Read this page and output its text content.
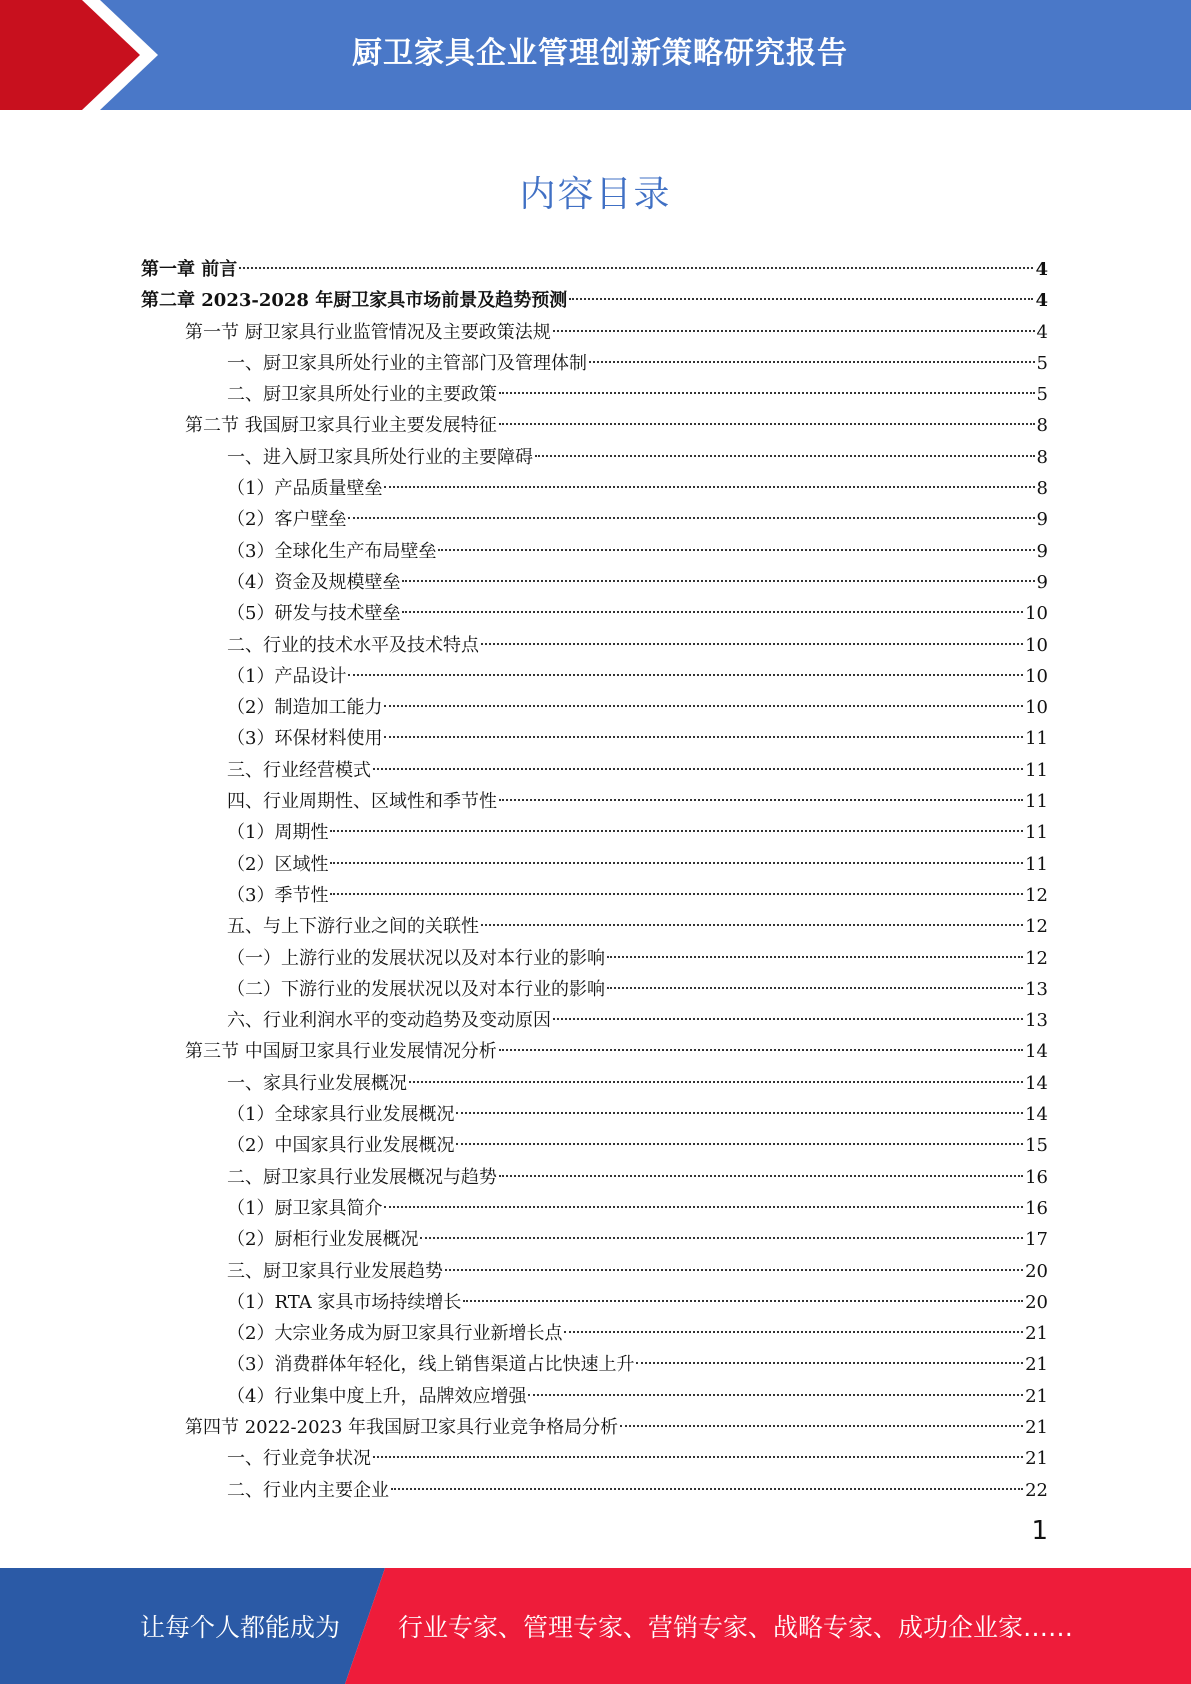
厨卫家具企业管理创新策略研究报告
内容目录
第一章 前言	4
第二章 2023-2028 年厨卫家具市场前景及趋势预测	4
第一节 厨卫家具行业监管情况及主要政策法规	4
一、厨卫家具所处行业的主管部门及管理体制	5
二、厨卫家具所处行业的主要政策	5
第二节 我国厨卫家具行业主要发展特征	8
一、进入厨卫家具所处行业的主要障碍	8
（1）产品质量壁垒	8
（2）客户壁垒	9
（3）全球化生产布局壁垒	9
（4）资金及规模壁垒	9
（5）研发与技术壁垒	10
二、行业的技术水平及技术特点	10
（1）产品设计	10
（2）制造加工能力	10
（3）环保材料使用	11
三、行业经营模式	11
四、行业周期性、区域性和季节性	11
（1）周期性	11
（2）区域性	11
（3）季节性	12
五、与上下游行业之间的关联性	12
（一）上游行业的发展状况以及对本行业的影响	12
（二）下游行业的发展状况以及对本行业的影响	13
六、行业利润水平的变动趋势及变动原因	13
第三节 中国厨卫家具行业发展情况分析	14
一、家具行业发展概况	14
（1）全球家具行业发展概况	14
（2）中国家具行业发展概况	15
二、厨卫家具行业发展概况与趋势	16
（1）厨卫家具简介	16
（2）厨柜行业发展概况	17
三、厨卫家具行业发展趋势	20
（1）RTA 家具市场持续增长	20
（2）大宗业务成为厨卫家具行业新增长点	21
（3）消费群体年轻化，线上销售渠道占比快速上升	21
（4）行业集中度上升，品牌效应增强	21
第四节 2022-2023 年我国厨卫家具行业竞争格局分析	21
一、行业竞争状况	21
二、行业内主要企业	22
1
让每个人都能成为 行业专家、管理专家、营销专家、战略专家、成功企业家……
